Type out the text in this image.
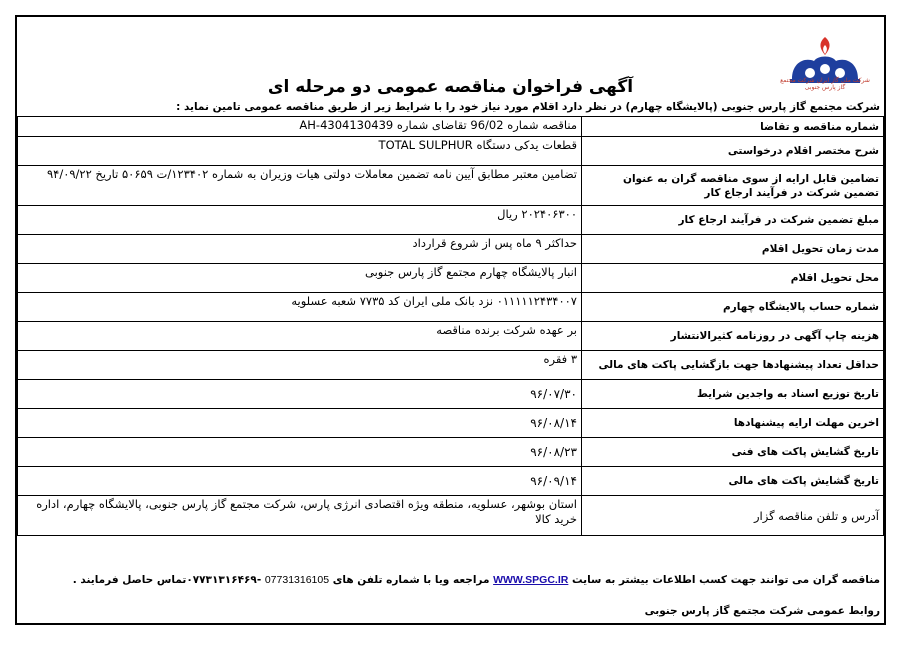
شرکت ملی گاز ایران شرکت مجتمع گاز پارس جنوبی
آگهی فراخوان مناقصه عمومی دو مرحله ای
شرکت مجتمع گاز پارس جنوبی (پالایشگاه چهارم) در نظر دارد اقلام مورد نیاز خود را با شرایط زیر از طریق مناقصه عمومی تامین نماید :
شماره مناقصه و تقاضا	مناقصه شماره 96/02 تقاضای شماره 4304130439-AH
شرح مختصر اقلام درخواستی	قطعات یدکی دستگاه TOTAL SULPHUR
تضامین قابل ارایه از سوی مناقصه گران به عنوان تضمین شرکت در فرآیند ارجاع کار	تضامین معتبر مطابق آیین نامه تضمین معاملات دولتی هیات وزیران به شماره ۱۲۳۴۰۲/ت ۵۰۶۵۹ تاریخ ۹۴/۰۹/۲۲
مبلغ تضمین شرکت در فرآیند ارجاع کار	۲۰۲۴۰۶۳۰۰ ریال
مدت زمان تحویل اقلام	حداکثر ۹ ماه پس از شروع قرارداد
محل تحویل اقلام	انبار پالایشگاه چهارم مجتمع گاز پارس جنوبی
شماره حساب پالایشگاه چهارم	۰۱۱۱۱۱۲۴۳۴۰۰۷ نزد بانک ملی ایران کد ۷۷۳۵ شعبه عسلویه
هزینه چاپ آگهی در روزنامه کثیرالانتشار	بر عهده شرکت برنده مناقصه
حداقل تعداد پیشنهادها جهت بازگشایی پاکت های مالی	۳ فقره
تاریخ توزیع اسناد به واجدین شرایط	۹۶/۰۷/۳۰
اخرین مهلت ارایه پیشنهادها	۹۶/۰۸/۱۴
تاریخ گشایش پاکت های فنی	۹۶/۰۸/۲۳
تاریخ گشایش پاکت های مالی	۹۶/۰۹/۱۴
آدرس و تلفن مناقصه گزار	استان بوشهر، عسلویه، منطقه ویژه اقتصادی انرژی پارس، شرکت مجتمع گاز پارس جنوبی، پالایشگاه چهارم، اداره خرید کالا
مناقصه گران می توانند جهت کسب اطلاعات بیشتر به سایت WWW.SPGC.IR مراجعه ویا با شماره تلفن های 07731316105 -۰۷۷۳۱۳۱۶۴۶۹تماس حاصل فرمایند .
روابط عمومی شرکت مجتمع گاز پارس جنوبی
